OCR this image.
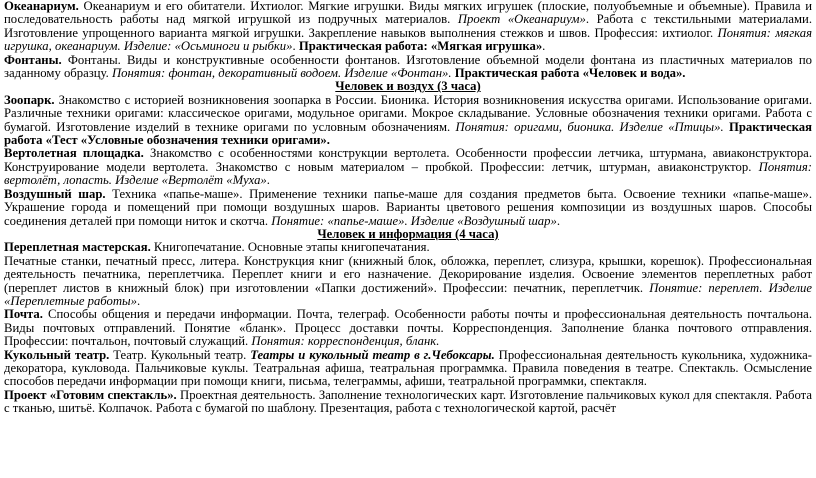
Океанариум. Океанариум и его обитатели. Ихтиолог. Мягкие игрушки. Виды мягких игрушек (плоские, полуобъемные и объемные). Правила и последовательность работы над мягкой игрушкой из подручных материалов. Проект «Океанариум». Работа с текстильными материалами. Изготовление упрощенного варианта мягкой игрушки. Закрепление навыков выполнения стежков и швов. Профессия: ихтиолог. Понятия: мягкая игрушка, океанариум. Изделие: «Осьминоги и рыбки». Практическая работа: «Мягкая игрушка».

Фонтаны. Фонтаны. Виды и конструктивные особенности фонтанов. Изготовление объемной модели фонтана из пластичных материалов по заданному образцу. Понятия: фонтан, декоративный водоем. Изделие «Фонтан». Практическая работа «Человек и вода».

Человек и воздух (3 часа)

Зоопарк. Знакомство с историей возникновения зоопарка в России. Бионика. История возникновения искусства оригами. Использование оригами. Различные техники оригами: классическое оригами, модульное оригами. Мокрое складывание. Условные обозначения техники оригами. Работа с бумагой. Изготовление изделий в технике оригами по условным обозначениям. Понятия: оригами, бионика. Изделие «Птицы». Практическая работа «Тест «Условные обозначения техники оригами».

Вертолетная площадка. Знакомство с особенностями конструкции вертолета. Особенности профессии летчика, штурмана, авиаконструктора. Конструирование модели вертолета. Знакомство с новым материалом – пробкой. Профессии: летчик, штурман, авиаконструктор. Понятия: вертолёт, лопасть. Изделие «Вертолёт «Муха».

Воздушный шар. Техника «папье-маше». Применение техники папье-маше для создания предметов быта. Освоение техники «папье-маше». Украшение города и помещений при помощи воздушных шаров. Варианты цветового решения композиции из воздушных шаров. Способы соединения деталей при помощи ниток и скотча. Понятие: «папье-маше». Изделие «Воздушный шар».

Человек и информация (4 часа)

Переплетная мастерская. Книгопечатание. Основные этапы книгопечатания.

Печатные станки, печатный пресс, литера. Конструкция книг (книжный блок, обложка, переплет, слизура, крышки, корешок). Профессиональная деятельность печатника, переплетчика. Переплет книги и его назначение. Декорирование изделия. Освоение элементов переплетных работ (переплет листов в книжный блок) при изготовлении «Папки достижений». Профессии: печатник, переплетчик. Понятие: переплет. Изделие «Переплетные работы».

Почта. Способы общения и передачи информации. Почта, телеграф. Особенности работы почты и профессиональная деятельность почтальона. Виды почтовых отправлений. Понятие «бланк». Процесс доставки почты. Корреспонденция. Заполнение бланка почтового отправления. Профессии: почтальон, почтовый служащий. Понятия: корреспонденция, бланк.

Кукольный театр. Театр. Кукольный театр. Театры и кукольный театр в г.Чебоксары. Профессиональная деятельность кукольника, художника-декоратора, кукловода. Пальчиковые куклы. Театральная афиша, театральная программка. Правила поведения в театре. Спектакль. Осмысление способов передачи информации при помощи книги, письма, телеграммы, афиши, театральной программки, спектакля.

Проект «Готовим спектакль». Проектная деятельность. Заполнение технологических карт. Изготовление пальчиковых кукол для спектакля. Работа с тканью, шитьё. Колпачок. Работа с бумагой по шаблону. Презентация, работа с технологической картой, расчёт
